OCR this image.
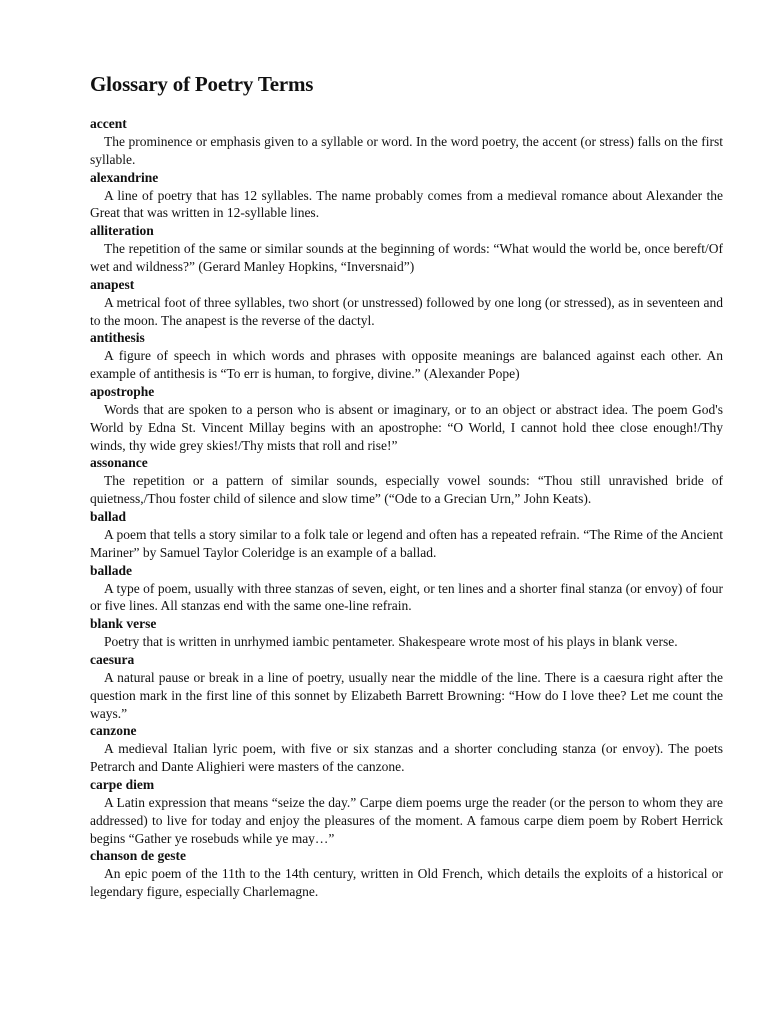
Glossary of Poetry Terms
accent

The prominence or emphasis given to a syllable or word. In the word poetry, the accent (or stress) falls on the first syllable.

alexandrine

A line of poetry that has 12 syllables. The name probably comes from a medieval romance about Alexander the Great that was written in 12-syllable lines.

alliteration

The repetition of the same or similar sounds at the beginning of words: “What would the world be, once bereft/Of wet and wildness?” (Gerard Manley Hopkins, “Inversnaid”)

anapest

A metrical foot of three syllables, two short (or unstressed) followed by one long (or stressed), as in seventeen and to the moon. The anapest is the reverse of the dactyl.

antithesis

A figure of speech in which words and phrases with opposite meanings are balanced against each other. An example of antithesis is “To err is human, to forgive, divine.” (Alexander Pope)

apostrophe

Words that are spoken to a person who is absent or imaginary, or to an object or abstract idea. The poem God's World by Edna St. Vincent Millay begins with an apostrophe: “O World, I cannot hold thee close enough!/Thy winds, thy wide grey skies!/Thy mists that roll and rise!”

assonance

The repetition or a pattern of similar sounds, especially vowel sounds: “Thou still unravished bride of quietness,/Thou foster child of silence and slow time” (“Ode to a Grecian Urn,” John Keats).

ballad

A poem that tells a story similar to a folk tale or legend and often has a repeated refrain. “The Rime of the Ancient Mariner” by Samuel Taylor Coleridge is an example of a ballad.

ballade

A type of poem, usually with three stanzas of seven, eight, or ten lines and a shorter final stanza (or envoy) of four or five lines. All stanzas end with the same one-line refrain.

blank verse

Poetry that is written in unrhymed iambic pentameter. Shakespeare wrote most of his plays in blank verse.

caesura

A natural pause or break in a line of poetry, usually near the middle of the line. There is a caesura right after the question mark in the first line of this sonnet by Elizabeth Barrett Browning: “How do I love thee? Let me count the ways.”

canzone

A medieval Italian lyric poem, with five or six stanzas and a shorter concluding stanza (or envoy). The poets Petrarch and Dante Alighieri were masters of the canzone.

carpe diem

A Latin expression that means “seize the day.” Carpe diem poems urge the reader (or the person to whom they are addressed) to live for today and enjoy the pleasures of the moment. A famous carpe diem poem by Robert Herrick begins “Gather ye rosebuds while ye may…”

chanson de geste

An epic poem of the 11th to the 14th century, written in Old French, which details the exploits of a historical or legendary figure, especially Charlemagne.
